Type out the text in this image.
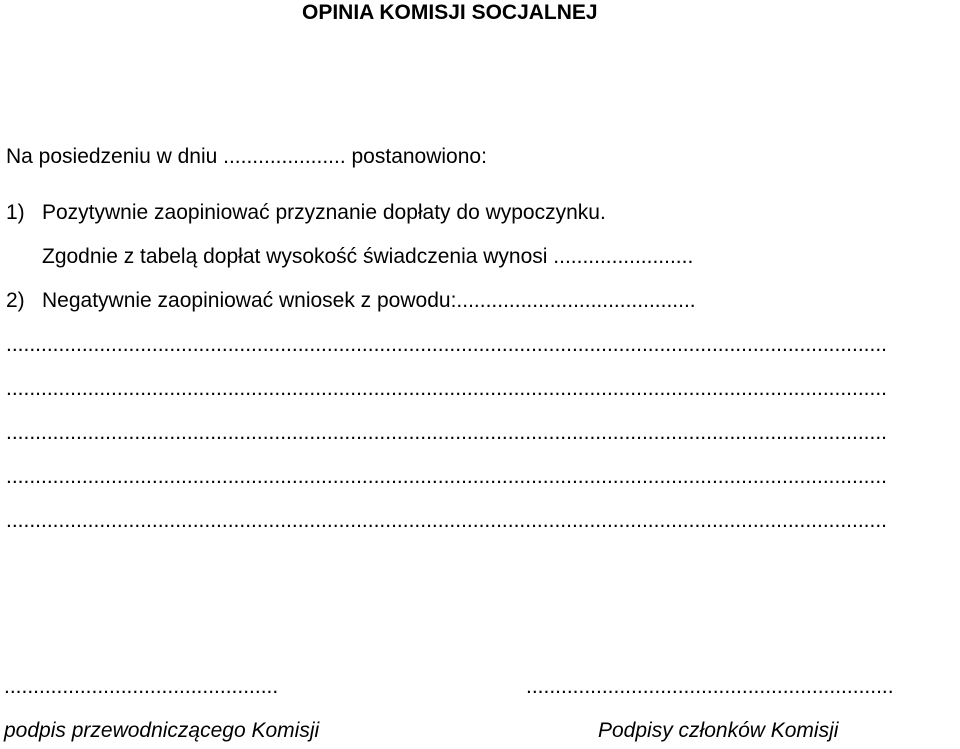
OPINIA KOMISJI SOCJALNEJ
Na posiedzeniu w dniu ..................... postanowiono:
1) Pozytywnie zaopiniować przyznanie dopłaty do wypoczynku.
Zgodnie z tabelą dopłat wysokość świadczenia wynosi ........................
2) Negatywnie zaopiniować wniosek z powodu:.........................................
.......................................................................................................................................................
.......................................................................................................................................................
.......................................................................................................................................................
.......................................................................................................................................................
.......................................................................................................................................................
...............................................	...............................................................
podpis przewodniczącego Komisji	Podpisy członków Komisji
